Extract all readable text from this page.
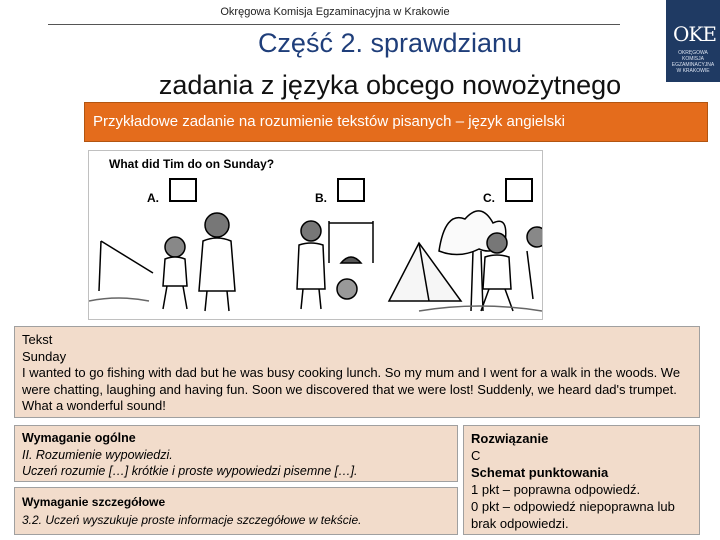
Okręgowa Komisja Egzaminacyjna w Krakowie
OKE
OKRĘGOWA KOMISJA EGZAMINACYJNA W KRAKOWIE
Część 2. sprawdzianu
zadania z języka obcego nowożytnego
Przykładowe zadanie na rozumienie tekstów pisanych – język angielski
What did Tim do on Sunday?
A.	B.	C.
Tekst
Sunday
I wanted to go fishing with dad but he was busy cooking lunch. So my mum and I went for a walk in the woods. We were chatting, laughing and having fun. Soon we discovered that we were lost! Suddenly, we heard dad's trumpet. What a wonderful sound!
Wymaganie ogólne
II. Rozumienie wypowiedzi.
Uczeń rozumie […] krótkie i proste wypowiedzi pisemne […].
Wymaganie szczegółowe
3.2. Uczeń wyszukuje proste informacje szczegółowe w tekście.
Rozwiązanie
C
Schemat punktowania
1 pkt – poprawna odpowiedź.
0 pkt – odpowiedź niepoprawna lub brak odpowiedzi.
